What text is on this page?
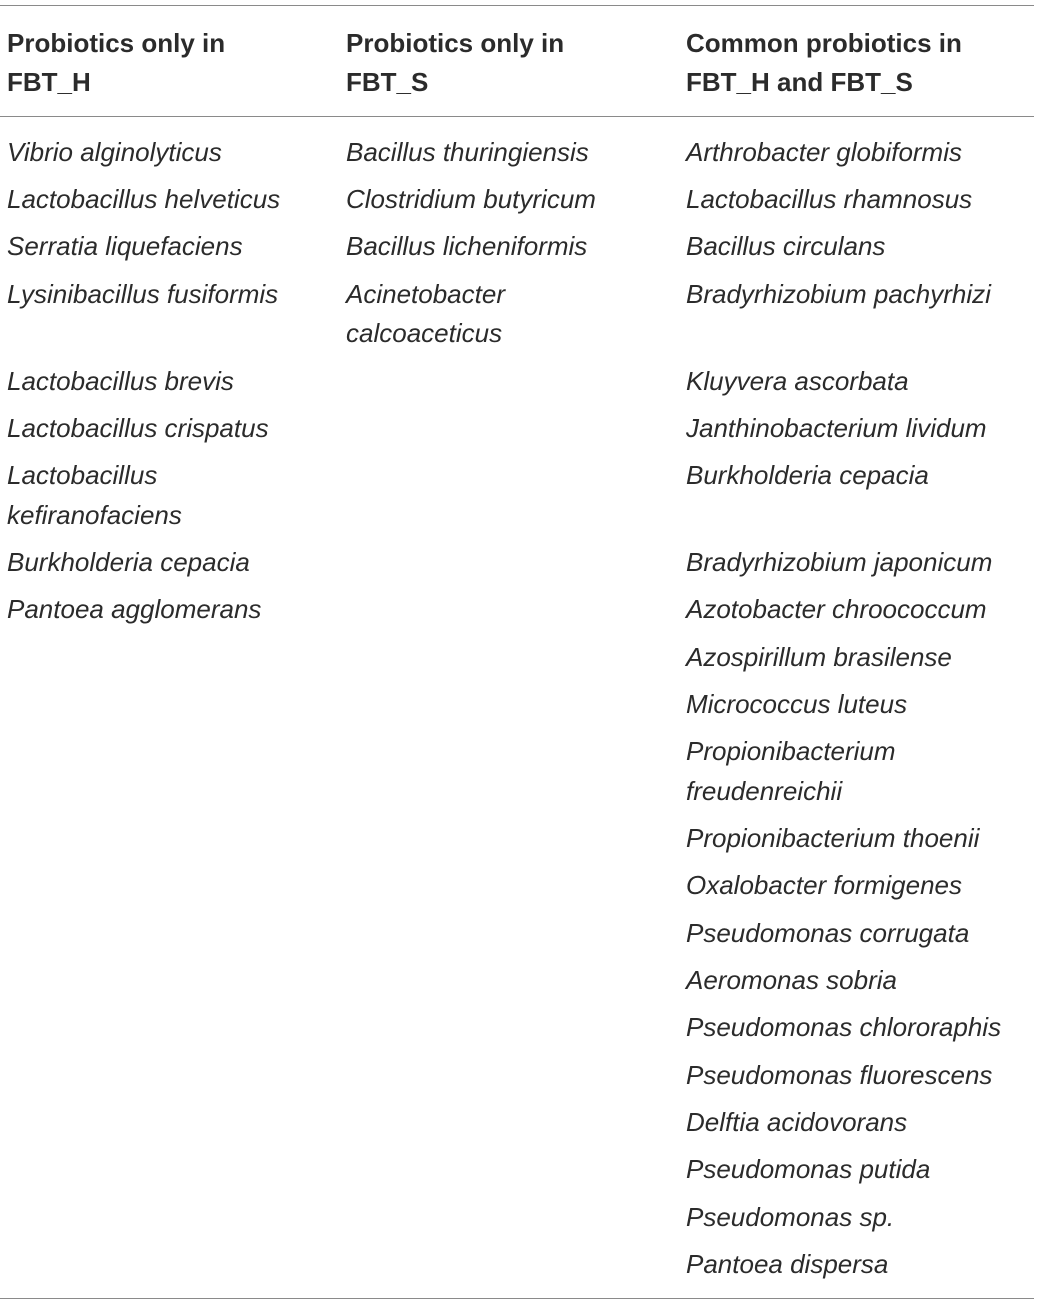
Probiotics only in
FBT_H
Probiotics only in
FBT_S
Common probiotics in
FBT_H and FBT_S
Vibrio alginolyticus
Lactobacillus helveticus
Serratia liquefaciens
Lysinibacillus fusiformis
Lactobacillus brevis
Lactobacillus crispatus
Lactobacillus
kefiranofaciens
Burkholderia cepacia
Pantoea agglomerans
Bacillus thuringiensis
Clostridium butyricum
Bacillus licheniformis
Acinetobacter
calcoaceticus
Arthrobacter globiformis
Lactobacillus rhamnosus
Bacillus circulans
Bradyrhizobium pachyrhizi
Kluyvera ascorbata
Janthinobacterium lividum
Burkholderia cepacia
Bradyrhizobium japonicum
Azotobacter chroococcum
Azospirillum brasilense
Micrococcus luteus
Propionibacterium
freudenreichii
Propionibacterium thoenii
Oxalobacter formigenes
Pseudomonas corrugata
Aeromonas sobria
Pseudomonas chlororaphis
Pseudomonas fluorescens
Delftia acidovorans
Pseudomonas putida
Pseudomonas sp.
Pantoea dispersa
